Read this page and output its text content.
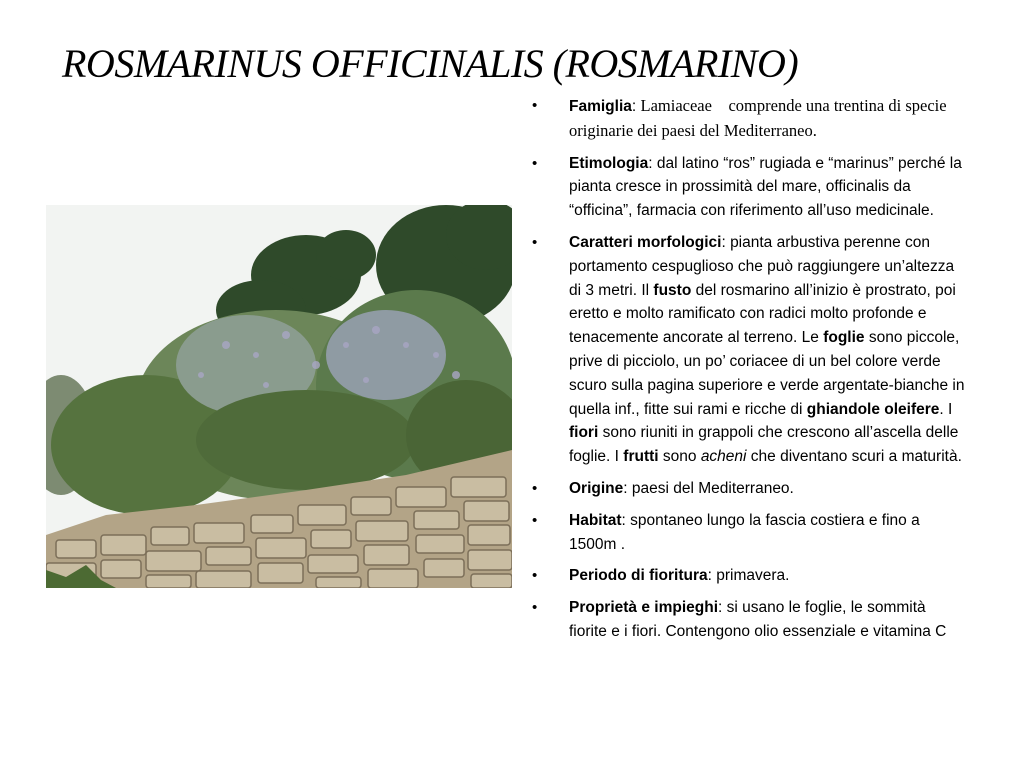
ROSMARINUS OFFICINALIS (ROSMARINO)
• Famiglia: Lamiaceae    comprende una trentina di specie originarie dei paesi del Mediterraneo.
• Etimologia: dal latino “ros” rugiada e “marinus” perché la pianta cresce in prossimità del mare, officinalis da “officina”, farmacia con riferimento all’uso medicinale.
• Caratteri morfologici: pianta arbustiva perenne con portamento cespuglioso che può raggiungere un’altezza di 3 metri. Il fusto del rosmarino all’inizio è prostrato, poi eretto e molto ramificato con radici molto profonde e tenacemente ancorate al terreno. Le foglie sono piccole, prive di picciolo, un po’ coriacee di un bel colore verde scuro sulla pagina superiore e verde argentate-bianche in quella inf., fitte sui rami e ricche di ghiandole oleifere. I fiori sono riuniti in grappoli che crescono all’ascella delle foglie. I frutti sono acheni che diventano scuri a maturità.
• Origine: paesi del Mediterraneo.
• Habitat: spontaneo lungo la fascia costiera e fino a 1500m .
• Periodo di fioritura: primavera.
• Proprietà e impieghi: si usano le foglie, le sommità fiorite e i fiori. Contengono olio essenziale e vitamina C
